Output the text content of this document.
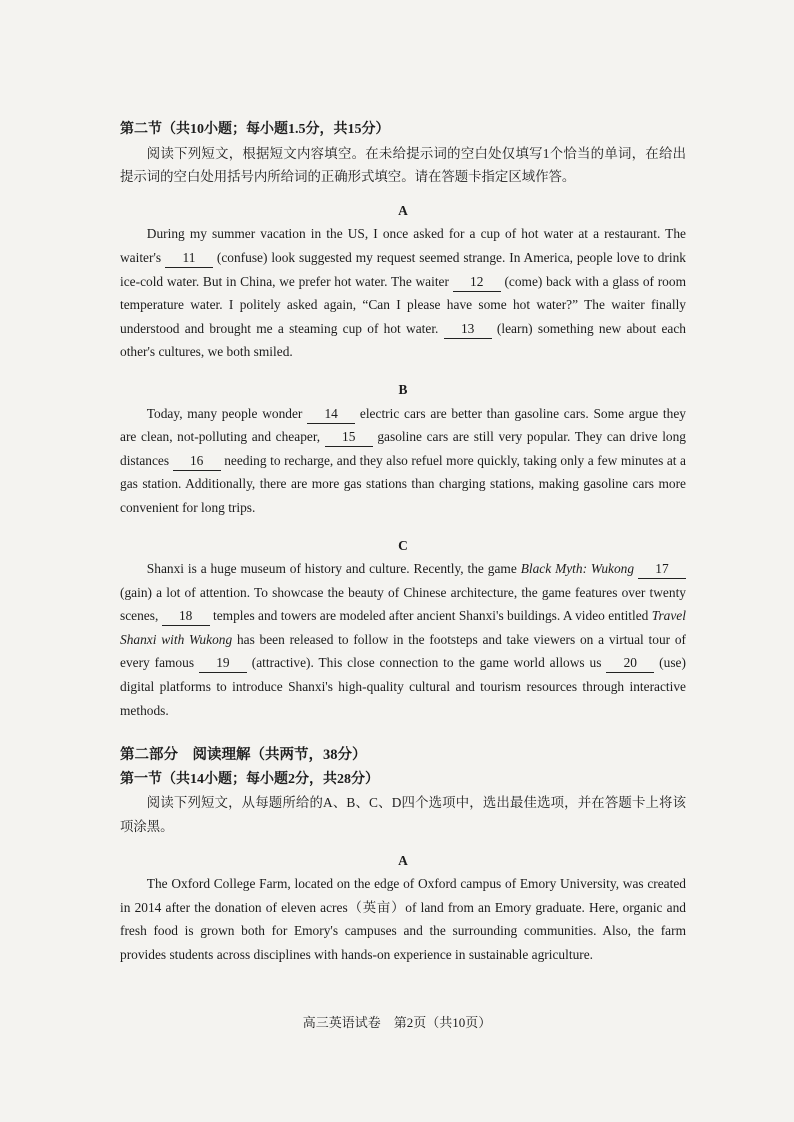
第二节（共10小题；每小题1.5分，共15分）

阅读下列短文，根据短文内容填空。在未给提示词的空白处仅填写1个恰当的单词，在给出提示词的空白处用括号内所给词的正确形式填空。请在答题卡指定区域作答。

A

During my summer vacation in the US, I once asked for a cup of hot water at a restaurant. The waiter's 11 (confuse) look suggested my request seemed strange. In America, people love to drink ice-cold water. But in China, we prefer hot water. The waiter 12 (come) back with a glass of room temperature water. I politely asked again, “Can I please have some hot water?” The waiter finally understood and brought me a steaming cup of hot water. 13 (learn) something new about each other's cultures, we both smiled.

B

Today, many people wonder 14 electric cars are better than gasoline cars. Some argue they are clean, not-polluting and cheaper, 15 gasoline cars are still very popular. They can drive long distances 16 needing to recharge, and they also refuel more quickly, taking only a few minutes at a gas station. Additionally, there are more gas stations than charging stations, making gasoline cars more convenient for long trips.

C

Shanxi is a huge museum of history and culture. Recently, the game Black Myth: Wukong 17 (gain) a lot of attention. To showcase the beauty of Chinese architecture, the game features over twenty scenes, 18 temples and towers are modeled after ancient Shanxi's buildings. A video entitled Travel Shanxi with Wukong has been released to follow in the footsteps and take viewers on a virtual tour of every famous 19 (attractive). This close connection to the game world allows us 20 (use) digital platforms to introduce Shanxi's high-quality cultural and tourism resources through interactive methods.

第二部分　阅读理解（共两节，38分）

第一节（共14小题；每小题2分，共28分）

阅读下列短文，从每题所给的A、B、C、D四个选项中，选出最佳选项，并在答题卡上将该项涂黑。

A

The Oxford College Farm, located on the edge of Oxford campus of Emory University, was created in 2014 after the donation of eleven acres（英亩）of land from an Emory graduate. Here, organic and fresh food is grown both for Emory's campuses and the surrounding communities. Also, the farm provides students across disciplines with hands-on experience in sustainable agriculture.

高三英语试卷　第2页（共10页）
